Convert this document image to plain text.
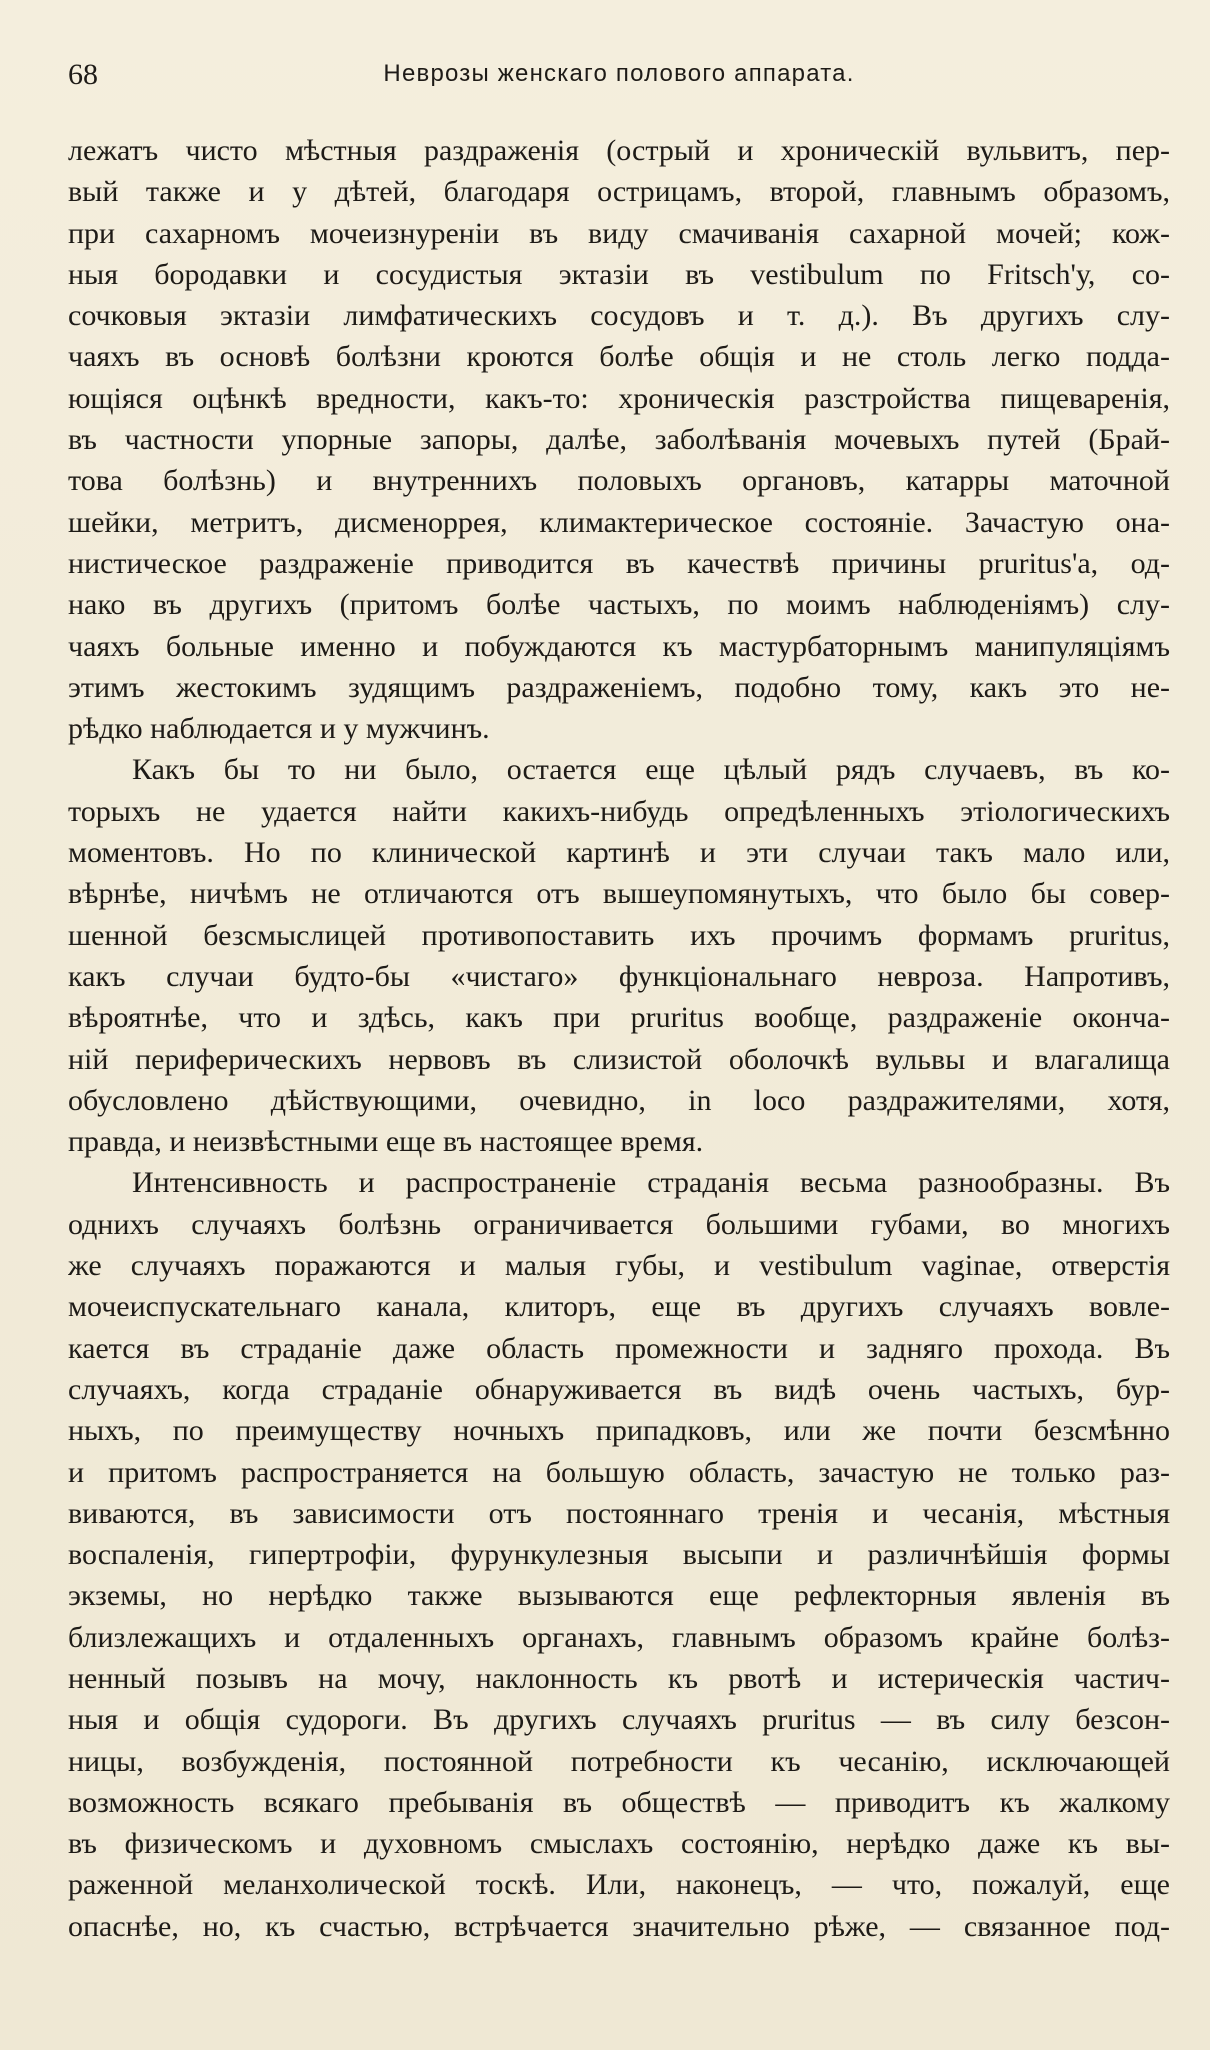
68	Неврозы женскаго полового аппарата.
лежатъ чисто мѣстныя раздраженія (острый и хроническій вульвитъ, пер-
вый также и у дѣтей, благодаря острицамъ, второй, главнымъ образомъ,
при сахарномъ мочеизнуреніи въ виду смачиванія сахарной мочей; кож-
ныя бородавки и сосудистыя эктазіи въ vestibulum по Fritsch'у, со-
сочковыя эктазіи лимфатическихъ сосудовъ и т. д.). Въ другихъ слу-
чаяхъ въ основѣ болѣзни кроются болѣе общія и не столь легко подда-
ющіяся оцѣнкѣ вредности, какъ-то: хроническія разстройства пищеваренія,
въ частности упорные запоры, далѣе, заболѣванія мочевыхъ путей (Брай-
това болѣзнь) и внутреннихъ половыхъ органовъ, катарры маточной
шейки, метритъ, дисменоррея, климактерическое состояніе. Зачастую она-
нистическое раздраженіе приводится въ качествѣ причины pruritus'a, од-
нако въ другихъ (притомъ болѣе частыхъ, по моимъ наблюденіямъ) слу-
чаяхъ больные именно и побуждаются къ мастурбаторнымъ манипуляціямъ
этимъ жестокимъ зудящимъ раздраженіемъ, подобно тому, какъ это не-
рѣдко наблюдается и у мужчинъ.
Какъ бы то ни было, остается еще цѣлый рядъ случаевъ, въ ко-
торыхъ не удается найти какихъ-нибудь опредѣленныхъ этіологическихъ
моментовъ. Но по клинической картинѣ и эти случаи такъ мало или,
вѣрнѣе, ничѣмъ не отличаются отъ вышеупомянутыхъ, что было бы совер-
шенной безсмыслицей противопоставить ихъ прочимъ формамъ pruritus,
какъ случаи будто-бы «чистаго» функціональнаго невроза. Напротивъ,
вѣроятнѣе, что и здѣсь, какъ при pruritus вообще, раздраженіе оконча-
ній периферическихъ нервовъ въ слизистой оболочкѣ вульвы и влагалища
обусловлено дѣйствующими, очевидно, in loco раздражителями, хотя,
правда, и неизвѣстными еще въ настоящее время.
Интенсивность и распространеніе страданія весьма разнообразны. Въ
однихъ случаяхъ болѣзнь ограничивается большими губами, во многихъ
же случаяхъ поражаются и малыя губы, и vestibulum vaginae, отверстія
мочеиспускательнаго канала, клиторъ, еще въ другихъ случаяхъ вовле-
кается въ страданіе даже область промежности и задняго прохода. Въ
случаяхъ, когда страданіе обнаруживается въ видѣ очень частыхъ, бур-
ныхъ, по преимуществу ночныхъ припадковъ, или же почти безсмѣнно
и притомъ распространяется на большую область, зачастую не только раз-
виваются, въ зависимости отъ постояннаго тренія и чесанія, мѣстныя
воспаленія, гипертрофіи, фурункулезныя высыпи и различнѣйшія формы
экземы, но нерѣдко также вызываются еще рефлекторныя явленія въ
близлежащихъ и отдаленныхъ органахъ, главнымъ образомъ крайне болѣз-
ненный позывъ на мочу, наклонность къ рвотѣ и истерическія частич-
ныя и общія судороги. Въ другихъ случаяхъ pruritus — въ силу безсон-
ницы, возбужденія, постоянной потребности къ чесанію, исключающей
возможность всякаго пребыванія въ обществѣ — приводитъ къ жалкому
въ физическомъ и духовномъ смыслахъ состоянію, нерѣдко даже къ вы-
раженной меланхолической тоскѣ. Или, наконецъ, — что, пожалуй, еще
опаснѣе, но, къ счастью, встрѣчается значительно рѣже, — связанное под-
